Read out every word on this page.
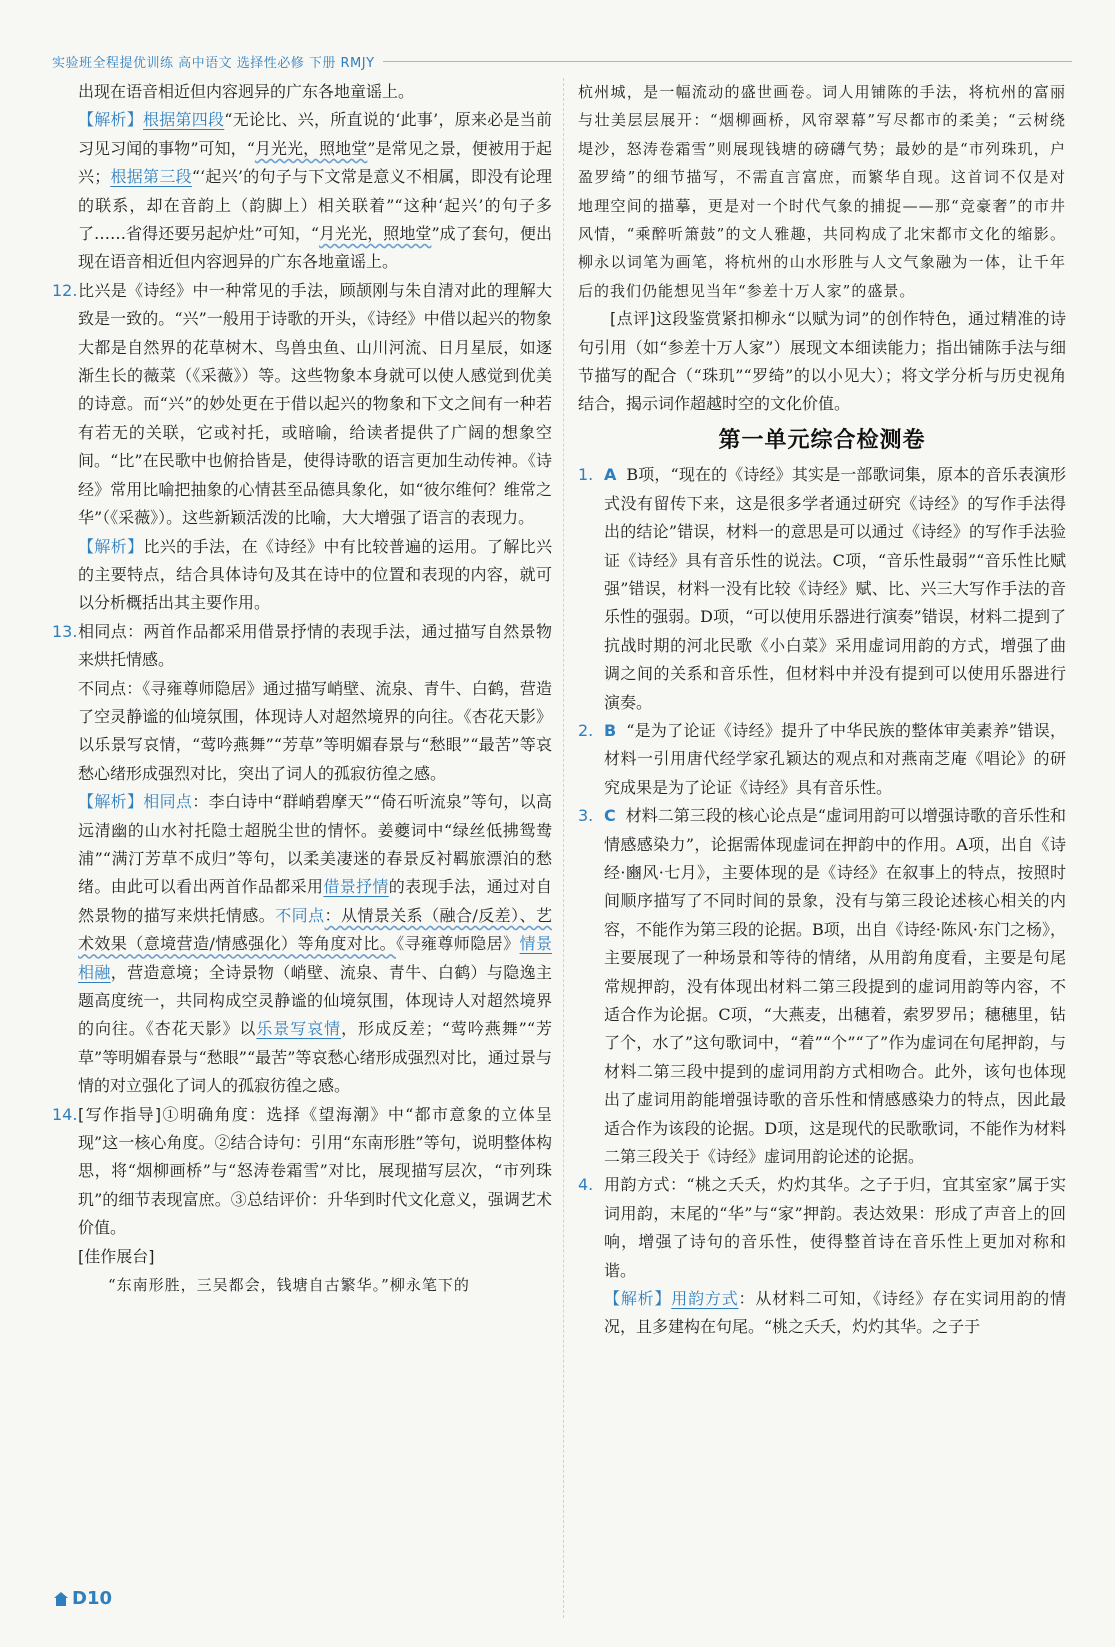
实验班全程提优训练 高中语文 选择性必修 下册 RMJY

出现在语音相近但内容迥异的广东各地童谣上。

【解析】根据第四段“无论比、兴，所直说的‘此事’，原来必是当前习见习闻的事物”可知，“月光光，照地堂”是常见之景，便被用于起兴；根据第三段“‘起兴’的句子与下文常是意义不相属，即没有论理的联系，却在音韵上（韵脚上）相关联着”“这种‘起兴’的句子多了……省得还要另起炉灶”可知，“月光光，照地堂”成了套句，便出现在语音相近但内容迥异的广东各地童谣上。

12. 比兴是《诗经》中一种常见的手法，顾颉刚与朱自清对此的理解大致是一致的。“兴”一般用于诗歌的开头，《诗经》中借以起兴的物象大都是自然界的花草树木、鸟兽虫鱼、山川河流、日月星辰，如逐渐生长的薇菜（《采薇》）等。这些物象本身就可以使人感觉到优美的诗意。而“兴”的妙处更在于借以起兴的物象和下文之间有一种若有若无的关联，它或衬托，或暗喻，给读者提供了广阔的想象空间。“比”在民歌中也俯拾皆是，使得诗歌的语言更加生动传神。《诗经》常用比喻把抽象的心情甚至品德具象化，如“彼尔维何？维常之华”（《采薇》）。这些新颖活泼的比喻，大大增强了语言的表现力。

【解析】比兴的手法，在《诗经》中有比较普遍的运用。了解比兴的主要特点，结合具体诗句及其在诗中的位置和表现的内容，就可以分析概括出其主要作用。

13. 相同点：两首作品都采用借景抒情的表现手法，通过描写自然景物来烘托情感。

不同点：《寻雍尊师隐居》通过描写峭壁、流泉、青牛、白鹤，营造了空灵静谧的仙境氛围，体现诗人对超然境界的向往。《杏花天影》以乐景写哀情，“莺吟燕舞”“芳草”等明媚春景与“愁眼”“最苦”等哀愁心绪形成强烈对比，突出了词人的孤寂彷徨之感。

【解析】相同点：李白诗中“群峭碧摩天”“倚石听流泉”等句，以高远清幽的山水衬托隐士超脱尘世的情怀。姜夔词中“绿丝低拂鸳鸯浦”“满汀芳草不成归”等句，以柔美凄迷的春景反衬羁旅漂泊的愁绪。由此可以看出两首作品都采用借景抒情的表现手法，通过对自然景物的描写来烘托情感。不同点：从情景关系（融合/反差）、艺术效果（意境营造/情感强化）等角度对比。《寻雍尊师隐居》情景相融，营造意境；全诗景物（峭壁、流泉、青牛、白鹤）与隐逸主题高度统一，共同构成空灵静谧的仙境氛围，体现诗人对超然境界的向往。《杏花天影》以乐景写哀情，形成反差；“莺吟燕舞”“芳草”等明媚春景与“愁眼”“最苦”等哀愁心绪形成强烈对比，通过景与情的对立强化了词人的孤寂彷徨之感。

14. [写作指导]①明确角度：选择《望海潮》中“都市意象的立体呈现”这一核心角度。②结合诗句：引用“东南形胜”等句，说明整体构思，将“烟柳画桥”与“怒涛卷霜雪”对比，展现描写层次，“市列珠玑”的细节表现富庶。③总结评价：升华到时代文化意义，强调艺术价值。

[佳作展台]

“东南形胜，三吴都会，钱塘自古繁华。”柳永笔下的

杭州城，是一幅流动的盛世画卷。词人用铺陈的手法，将杭州的富丽与壮美层层展开：“烟柳画桥，风帘翠幕”写尽都市的柔美；“云树绕堤沙，怒涛卷霜雪”则展现钱塘的磅礴气势；最妙的是“市列珠玑，户盈罗绮”的细节描写，不需直言富庶，而繁华自现。这首词不仅是对地理空间的描摹，更是对一个时代气象的捕捉——那“竞豪奢”的市井风情，“乘醉听箫鼓”的文人雅趣，共同构成了北宋都市文化的缩影。柳永以词笔为画笔，将杭州的山水形胜与人文气象融为一体，让千年后的我们仍能想见当年“参差十万人家”的盛景。

[点评]这段鉴赏紧扣柳永“以赋为词”的创作特色，通过精准的诗句引用（如“参差十万人家”）展现文本细读能力；指出铺陈手法与细节描写的配合（“珠玑”“罗绮”的以小见大）；将文学分析与历史视角结合，揭示词作超越时空的文化价值。

第一单元综合检测卷
1. A B项，“现在的《诗经》其实是一部歌词集，原本的音乐表演形式没有留传下来，这是很多学者通过研究《诗经》的写作手法得出的结论”错误，材料一的意思是可以通过《诗经》的写作手法验证《诗经》具有音乐性的说法。C项，“音乐性最弱”“音乐性比赋强”错误，材料一没有比较《诗经》赋、比、兴三大写作手法的音乐性的强弱。D项，“可以使用乐器进行演奏”错误，材料二提到了抗战时期的河北民歌《小白菜》采用虚词用韵的方式，增强了曲调之间的关系和音乐性，但材料中并没有提到可以使用乐器进行演奏。

2. B “是为了论证《诗经》提升了中华民族的整体审美素养”错误，材料一引用唐代经学家孔颖达的观点和对燕南芝庵《唱论》的研究成果是为了论证《诗经》具有音乐性。

3. C 材料二第三段的核心论点是“虚词用韵可以增强诗歌的音乐性和情感感染力”，论据需体现虚词在押韵中的作用。A项，出自《诗经·豳风·七月》，主要体现的是《诗经》在叙事上的特点，按照时间顺序描写了不同时间的景象，没有与第三段论述核心相关的内容，不能作为第三段的论据。B项，出自《诗经·陈风·东门之杨》，主要展现了一种场景和等待的情绪，从用韵角度看，主要是句尾常规押韵，没有体现出材料二第三段提到的虚词用韵等内容，不适合作为论据。C项，“大燕麦，出穗着，索罗罗吊；穗穗里，钻了个，水了”这句歌词中，“着”“个”“了”作为虚词在句尾押韵，与材料二第三段中提到的虚词用韵方式相吻合。此外，该句也体现出了虚词用韵能增强诗歌的音乐性和情感感染力的特点，因此最适合作为该段的论据。D项，这是现代的民歌歌词，不能作为材料二第三段关于《诗经》虚词用韵论述的论据。

4. 用韵方式：“桃之夭夭，灼灼其华。之子于归，宜其室家”属于实词用韵，末尾的“华”与“家”押韵。表达效果：形成了声音上的回响，增强了诗句的音乐性，使得整首诗在音乐性上更加对称和谐。

【解析】用韵方式：从材料二可知，《诗经》存在实词用韵的情况，且多建构在句尾。“桃之夭夭，灼灼其华。之子于

D10
